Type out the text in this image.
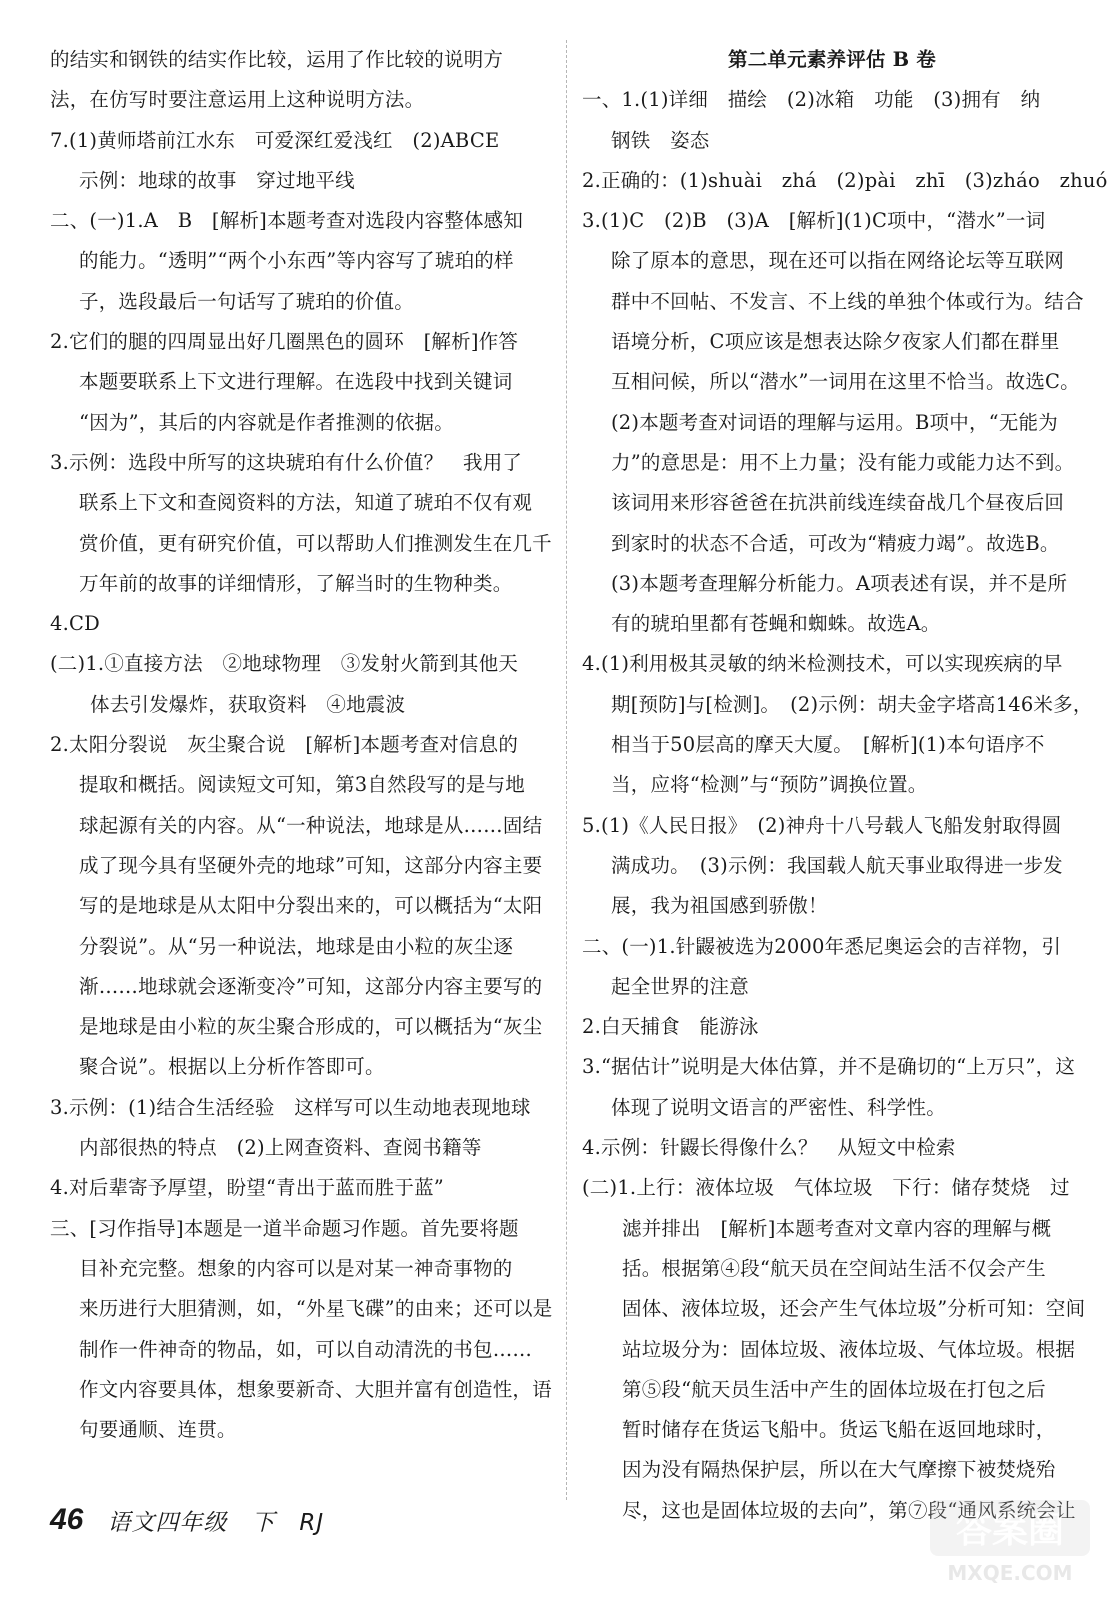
的结实和钢铁的结实作比较，运用了作比较的说明方

法，在仿写时要注意运用上这种说明方法。

7.(1)黄师塔前江水东　可爱深红爱浅红　(2)ABCE

示例：地球的故事　穿过地平线

二、(一)1.A　B　[解析]本题考查对选段内容整体感知

的能力。“透明”“两个小东西”等内容写了琥珀的样

子，选段最后一句话写了琥珀的价值。

2.它们的腿的四周显出好几圈黑色的圆环　[解析]作答

本题要联系上下文进行理解。在选段中找到关键词

“因为”，其后的内容就是作者推测的依据。

3.示例：选段中所写的这块琥珀有什么价值？　我用了

联系上下文和查阅资料的方法，知道了琥珀不仅有观

赏价值，更有研究价值，可以帮助人们推测发生在几千

万年前的故事的详细情形，了解当时的生物种类。

4.CD

(二)1.①直接方法　②地球物理　③发射火箭到其他天

体去引发爆炸，获取资料　④地震波

2.太阳分裂说　灰尘聚合说　[解析]本题考查对信息的

提取和概括。阅读短文可知，第3自然段写的是与地

球起源有关的内容。从“一种说法，地球是从……固结

成了现今具有坚硬外壳的地球”可知，这部分内容主要

写的是地球是从太阳中分裂出来的，可以概括为“太阳

分裂说”。从“另一种说法，地球是由小粒的灰尘逐

渐……地球就会逐渐变冷”可知，这部分内容主要写的

是地球是由小粒的灰尘聚合形成的，可以概括为“灰尘

聚合说”。根据以上分析作答即可。

3.示例：(1)结合生活经验　这样写可以生动地表现地球

内部很热的特点　(2)上网查资料、查阅书籍等

4.对后辈寄予厚望，盼望“青出于蓝而胜于蓝”

三、[习作指导]本题是一道半命题习作题。首先要将题

目补充完整。想象的内容可以是对某一神奇事物的

来历进行大胆猜测，如，“外星飞碟”的由来；还可以是

制作一件神奇的物品，如，可以自动清洗的书包……

作文内容要具体，想象要新奇、大胆并富有创造性，语

句要通顺、连贯。

第二单元素养评估 B 卷

一、1.(1)详细　描绘　(2)冰箱　功能　(3)拥有　纳

钢铁　姿态

2.正确的：(1)shuài　zhá　(2)pài　zhī　(3)zháo　zhuó

3.(1)C　(2)B　(3)A　[解析](1)C项中，“潜水”一词

除了原本的意思，现在还可以指在网络论坛等互联网

群中不回帖、不发言、不上线的单独个体或行为。结合

语境分析，C项应该是想表达除夕夜家人们都在群里

互相问候，所以“潜水”一词用在这里不恰当。故选C。

(2)本题考查对词语的理解与运用。B项中，“无能为

力”的意思是：用不上力量；没有能力或能力达不到。

该词用来形容爸爸在抗洪前线连续奋战几个昼夜后回

到家时的状态不合适，可改为“精疲力竭”。故选B。

(3)本题考查理解分析能力。A项表述有误，并不是所

有的琥珀里都有苍蝇和蜘蛛。故选A。

4.(1)利用极其灵敏的纳米检测技术，可以实现疾病的早

期[预防]与[检测]。　(2)示例：胡夫金字塔高146米多，

相当于50层高的摩天大厦。　[解析](1)本句语序不

当，应将“检测”与“预防”调换位置。

5.(1)《人民日报》　(2)神舟十八号载人飞船发射取得圆

满成功。　(3)示例：我国载人航天事业取得进一步发

展，我为祖国感到骄傲！

二、(一)1.针鼹被选为2000年悉尼奥运会的吉祥物，引

起全世界的注意

2.白天捕食　能游泳

3.“据估计”说明是大体估算，并不是确切的“上万只”，这

体现了说明文语言的严密性、科学性。

4.示例：针鼹长得像什么？　从短文中检索

(二)1.上行：液体垃圾　气体垃圾　下行：储存焚烧　过

滤并排出　[解析]本题考查对文章内容的理解与概

括。根据第④段“航天员在空间站生活不仅会产生

固体、液体垃圾，还会产生气体垃圾”分析可知：空间

站垃圾分为：固体垃圾、液体垃圾、气体垃圾。根据

第⑤段“航天员生活中产生的固体垃圾在打包之后

暂时储存在货运飞船中。货运飞船在返回地球时，

因为没有隔热保护层，所以在大气摩擦下被焚烧殆

尽，这也是固体垃圾的去向”，第⑦段“通风系统会让

46 语文四年级　下　RJ	答案圈
MXQE.COM
